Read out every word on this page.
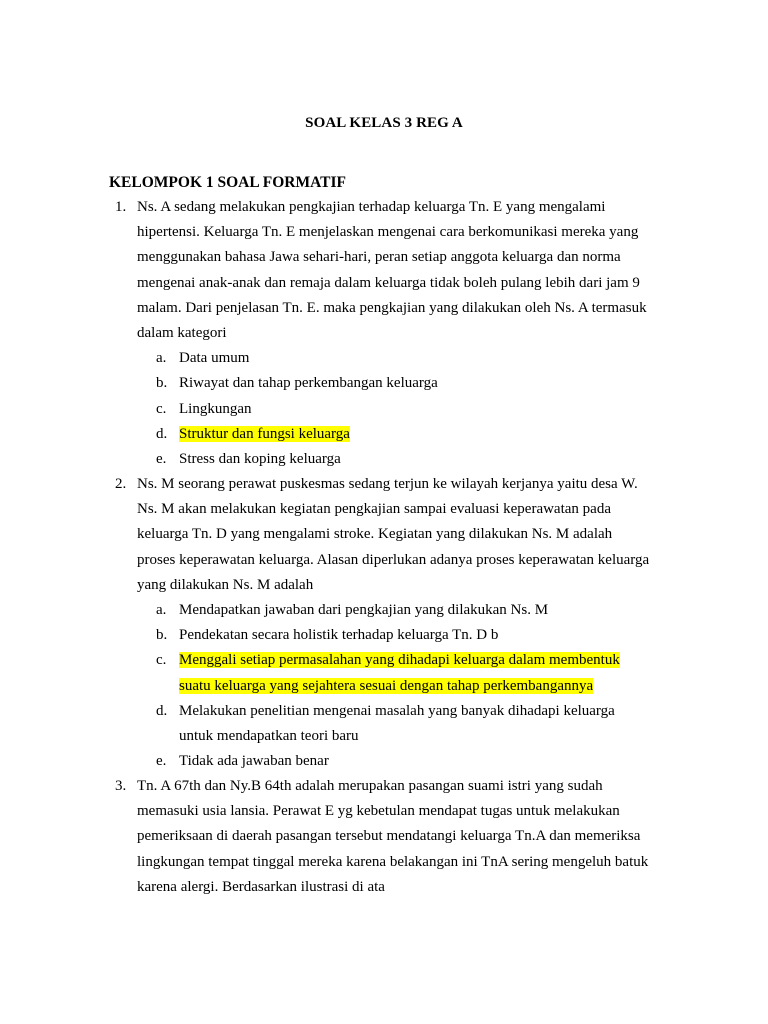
SOAL KELAS 3 REG A
KELOMPOK 1 SOAL FORMATIF
1. Ns. A sedang melakukan pengkajian terhadap keluarga Tn. E yang mengalami hipertensi. Keluarga Tn. E menjelaskan mengenai cara berkomunikasi mereka yang menggunakan bahasa Jawa sehari-hari, peran setiap anggota keluarga dan norma mengenai anak-anak dan remaja dalam keluarga tidak boleh pulang lebih dari jam 9 malam. Dari penjelasan Tn. E. maka pengkajian yang dilakukan oleh Ns. A termasuk dalam kategori
a. Data umum
b. Riwayat dan tahap perkembangan keluarga
c. Lingkungan
d. Struktur dan fungsi keluarga
e. Stress dan koping keluarga
2. Ns. M seorang perawat puskesmas sedang terjun ke wilayah kerjanya yaitu desa W. Ns. M akan melakukan kegiatan pengkajian sampai evaluasi keperawatan pada keluarga Tn. D yang mengalami stroke. Kegiatan yang dilakukan Ns. M adalah proses keperawatan keluarga. Alasan diperlukan adanya proses keperawatan keluarga yang dilakukan Ns. M adalah
a. Mendapatkan jawaban dari pengkajian yang dilakukan Ns. M
b. Pendekatan secara holistik terhadap keluarga Tn. D b
c. Menggali setiap permasalahan yang dihadapi keluarga dalam membentuk suatu keluarga yang sejahtera sesuai dengan tahap perkembangannya
d. Melakukan penelitian mengenai masalah yang banyak dihadapi keluarga untuk mendapatkan teori baru
e. Tidak ada jawaban benar
3. Tn. A 67th dan Ny.B 64th adalah merupakan pasangan suami istri yang sudah memasuki usia lansia. Perawat E yg kebetulan mendapat tugas untuk melakukan pemeriksaan di daerah pasangan tersebut mendatangi keluarga Tn.A dan memeriksa lingkungan tempat tinggal mereka karena belakangan ini TnA sering mengeluh batuk karena alergi. Berdasarkan ilustrasi di ata
